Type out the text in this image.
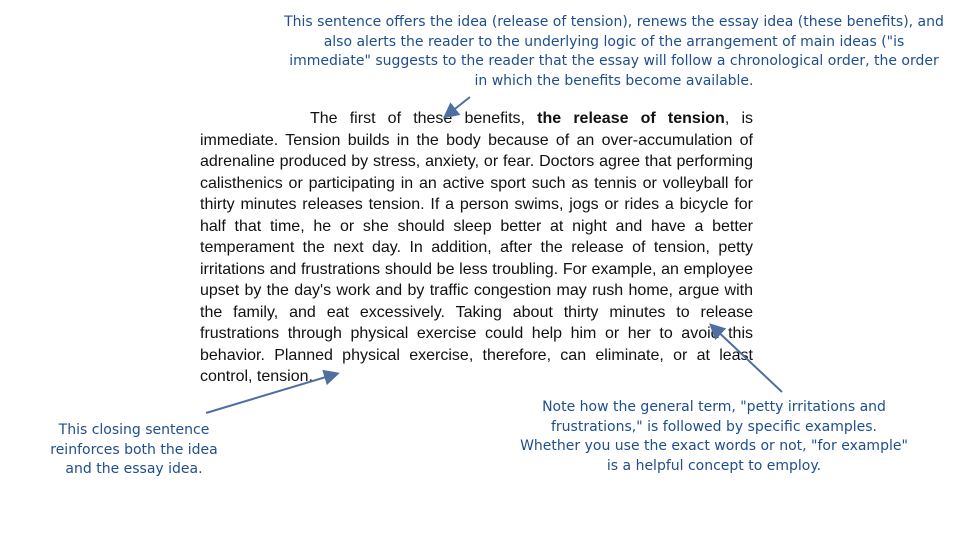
This sentence offers the idea (release of tension), renews the essay idea (these benefits), and also alerts the reader to the underlying logic of the arrangement of main ideas ("is immediate" suggests to the reader that the essay will follow a chronological order, the order in which the benefits become available.

The first of these benefits, the release of tension, is immediate. Tension builds in the body because of an over-accumulation of adrenaline produced by stress, anxiety, or fear. Doctors agree that performing calisthenics or participating in an active sport such as tennis or volleyball for thirty minutes releases tension. If a person swims, jogs or rides a bicycle for half that time, he or she should sleep better at night and have a better temperament the next day. In addition, after the release of tension, petty irritations and frustrations should be less troubling. For example, an employee upset by the day's work and by traffic congestion may rush home, argue with the family, and eat excessively. Taking about thirty minutes to release frustrations through physical exercise could help him or her to avoid this behavior. Planned physical exercise, therefore, can eliminate, or at least control, tension.

Note how the general term, "petty irritations and frustrations," is followed by specific examples. Whether you use the exact words or not, "for example" is a helpful concept to employ.

This closing sentence reinforces both the idea and the essay idea.
